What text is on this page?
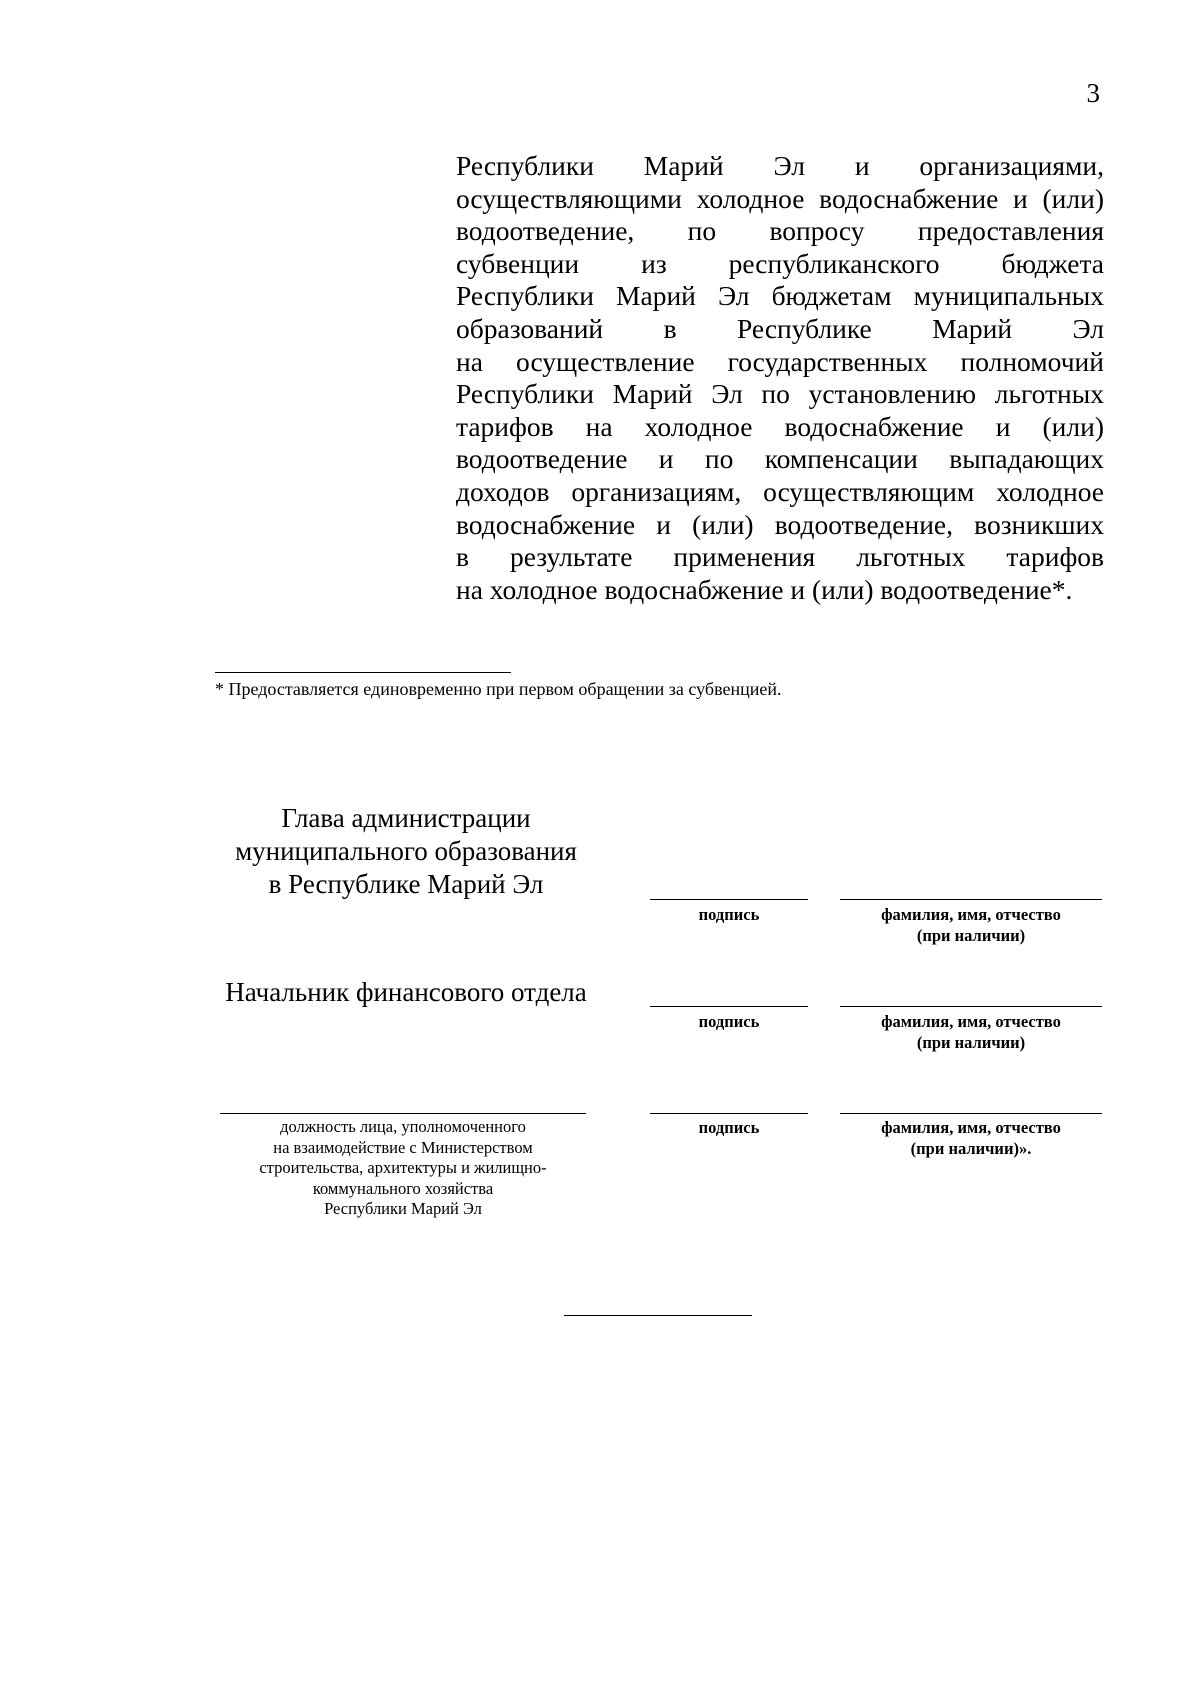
3
Республики Марий Эл и организациями,
осуществляющими холодное водоснабжение и (или)
водоотведение, по вопросу предоставления
субвенции из республиканского бюджета
Республики Марий Эл бюджетам муниципальных
образований в Республике Марий Эл
на осуществление государственных полномочий
Республики Марий Эл по установлению льготных
тарифов на холодное водоснабжение и (или)
водоотведение и по компенсации выпадающих
доходов организациям, осуществляющим холодное
водоснабжение и (или) водоотведение, возникших
в результате применения льготных тарифов
на холодное водоснабжение и (или) водоотведение*.
* Предоставляется единовременно при первом обращении за субвенцией.
Глава администрации
муниципального образования
в Республике Марий Эл
подпись	фамилия, имя, отчество
(при наличии)
Начальник финансового отдела
подпись	фамилия, имя, отчество
(при наличии)
должность лица, уполномоченного
на взаимодействие с Министерством
строительства, архитектуры и жилищно-
коммунального хозяйства
Республики Марий Эл
подпись	фамилия, имя, отчество
(при наличии)».
